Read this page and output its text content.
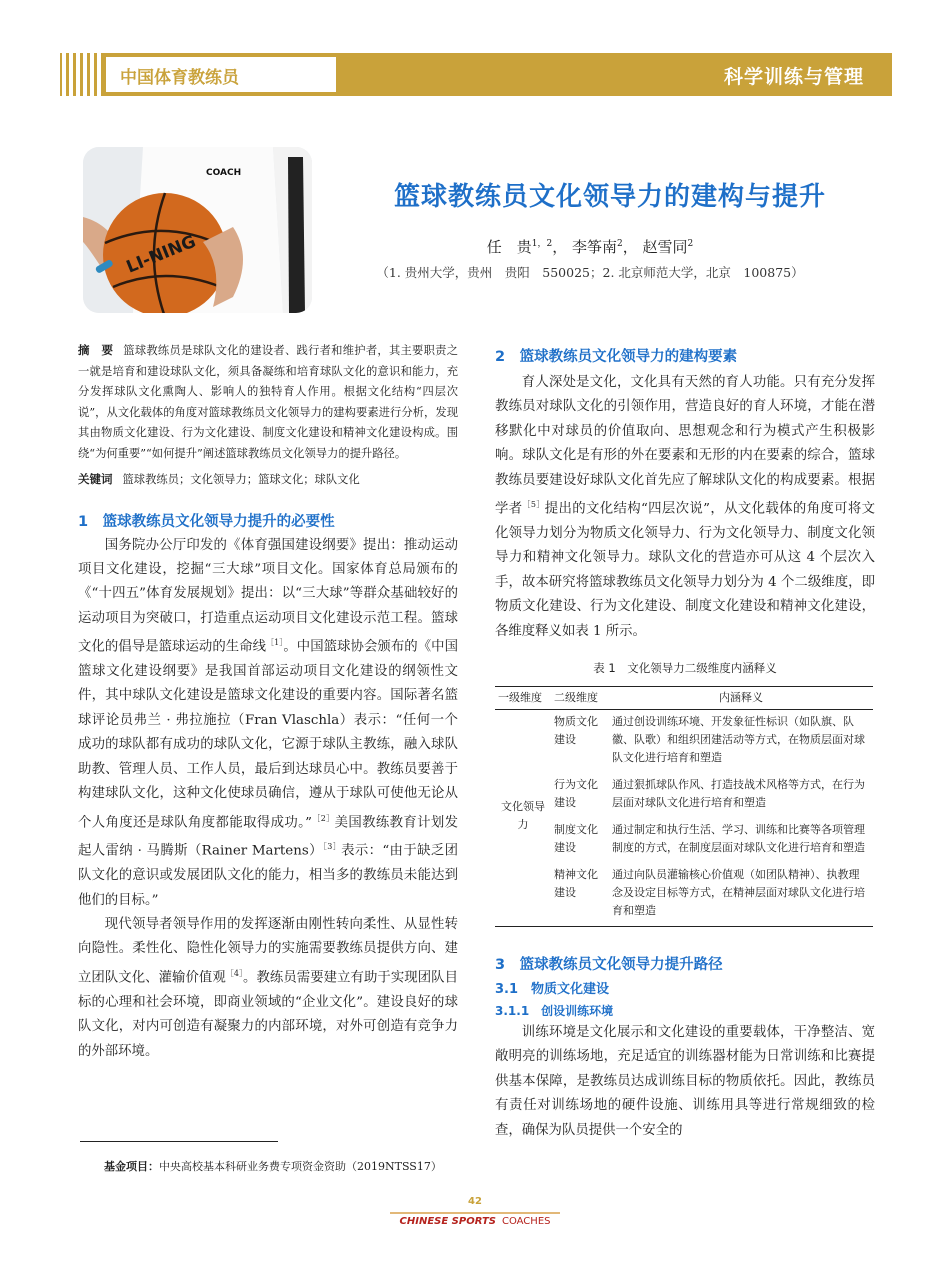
中国体育教练员	科学训练与管理
COACH
LI-NING
篮球教练员文化领导力的建构与提升
任　贵$^{1,2}$， 李筝南$^2$， 赵雪同$^2$
（1. 贵州大学，贵州　贵阳　550025；2. 北京师范大学，北京　100875）
摘　要 篮球教练员是球队文化的建设者、践行者和维护者，其主要职责之一就是培育和建设球队文化，须具备凝练和培育球队文化的意识和能力，充分发挥球队文化熏陶人、影响人的独特育人作用。根据文化结构“四层次说”，从文化载体的角度对篮球教练员文化领导力的建构要素进行分析，发现其由物质文化建设、行为文化建设、制度文化建设和精神文化建设构成。围绕“为何重要”“如何提升”阐述篮球教练员文化领导力的提升路径。
关键词 篮球教练员；文化领导力；篮球文化；球队文化
1　篮球教练员文化领导力提升的必要性
国务院办公厅印发的《体育强国建设纲要》提出：推动运动项目文化建设，挖掘“三大球”项目文化。国家体育总局颁布的《“十四五”体育发展规划》提出：以“三大球”等群众基础较好的运动项目为突破口，打造重点运动项目文化建设示范工程。篮球文化的倡导是篮球运动的生命线$^{[1]}$。中国篮球协会颁布的《中国篮球文化建设纲要》是我国首部运动项目文化建设的纲领性文件，其中球队文化建设是篮球文化建设的重要内容。国际著名篮球评论员弗兰 · 弗拉施拉（Fran Vlaschla）表示：“任何一个成功的球队都有成功的球队文化，它源于球队主教练，融入球队助教、管理人员、工作人员，最后到达球员心中。教练员要善于构建球队文化，这种文化使球员确信，遵从于球队可使他无论从个人角度还是球队角度都能取得成功。”$^{[2]}$美国教练教育计划发起人雷纳 · 马腾斯（Rainer Martens）$^{[3]}$表示：“由于缺乏团队文化的意识或发展团队文化的能力，相当多的教练员未能达到他们的目标。”
现代领导者领导作用的发挥逐渐由刚性转向柔性、从显性转向隐性。柔性化、隐性化领导力的实施需要教练员提供方向、建立团队文化、灌输价值观$^{[4]}$。教练员需要建立有助于实现团队目标的心理和社会环境，即商业领域的“企业文化”。建设良好的球队文化，对内可创造有凝聚力的内部环境，对外可创造有竞争力的外部环境。
基金项目：中央高校基本科研业务费专项资金资助（2019NTSS17）
2　篮球教练员文化领导力的建构要素
育人深处是文化，文化具有天然的育人功能。只有充分发挥教练员对球队文化的引领作用，营造良好的育人环境，才能在潜移默化中对球员的价值取向、思想观念和行为模式产生积极影响。球队文化是有形的外在要素和无形的内在要素的综合，篮球教练员要建设好球队文化首先应了解球队文化的构成要素。根据学者$^{[5]}$提出的文化结构“四层次说”，从文化载体的角度可将文化领导力划分为物质文化领导力、行为文化领导力、制度文化领导力和精神文化领导力。球队文化的营造亦可从这 4 个层次入手，故本研究将篮球教练员文化领导力划分为 4 个二级维度，即物质文化建设、行为文化建设、制度文化建设和精神文化建设，各维度释义如表 1 所示。
表 1　文化领导力二级维度内涵释义
一级维度	二级维度	内涵释义
文化领导力	物质文化建设	通过创设训练环境、开发象征性标识（如队旗、队徽、队歌）和组织团建活动等方式，在物质层面对球队文化进行培育和塑造
	行为文化建设	通过狠抓球队作风、打造技战术风格等方式，在行为层面对球队文化进行培育和塑造
	制度文化建设	通过制定和执行生活、学习、训练和比赛等各项管理制度的方式，在制度层面对球队文化进行培育和塑造
	精神文化建设	通过向队员灌输核心价值观（如团队精神）、执教理念及设定目标等方式，在精神层面对球队文化进行培育和塑造
3　篮球教练员文化领导力提升路径
3.1　物质文化建设
3.1.1　创设训练环境
训练环境是文化展示和文化建设的重要载体，干净整洁、宽敞明亮的训练场地，充足适宜的训练器材能为日常训练和比赛提供基本保障，是教练员达成训练目标的物质依托。因此，教练员有责任对训练场地的硬件设施、训练用具等进行常规细致的检查，确保为队员提供一个安全的
42
CHINESE SPORTS COACHES
